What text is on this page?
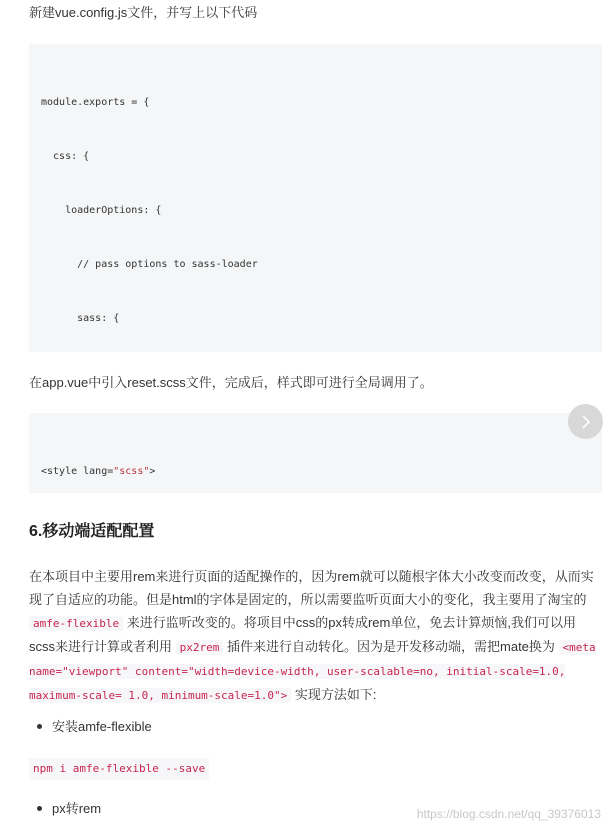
新建vue.config.js文件，并写上以下代码

module.exports = {

css: {

loaderOptions: {

// pass options to sass-loader

sass: {

在app.vue中引入reset.scss文件，完成后，样式即可进行全局调用了。

<style lang="scss">

6.移动端适配配置

在本项目中主要用rem来进行页面的适配操作的，因为rem就可以随根字体大小改变而改变，从而实现了自适应的功能。但是html的字体是固定的，所以需要监听页面大小的变化，我主要用了淘宝的 amfe-flexible 来进行监听改变的。将项目中css的px转成rem单位，免去计算烦恼,我们可以用scss来进行计算或者利用 px2rem 插件来进行自动转化。因为是开发移动端，需把mate换为 <meta name="viewport" content="width=device-width, user-scalable=no, initial-scale=1.0, maximum-scale= 1.0, minimum-scale=1.0"> 实现方法如下:

安装amfe-flexible

npm i amfe-flexible --save

px转rem	https://blog.csdn.net/qq_39376013
